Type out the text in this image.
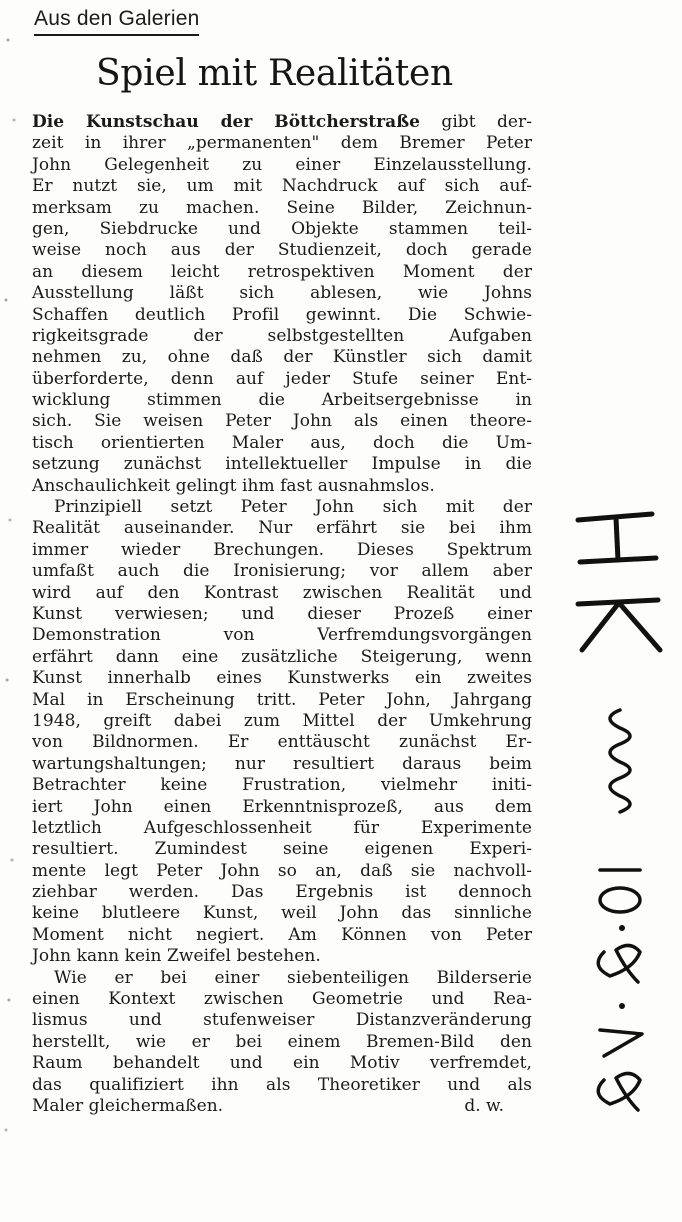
Aus den Galerien
Spiel mit Realitäten
Die Kunstschau der Böttcherstraße gibt der-
zeit in ihrer „permanenten" dem Bremer Peter
John Gelegenheit zu einer Einzelausstellung.
Er nutzt sie, um mit Nachdruck auf sich auf-
merksam zu machen. Seine Bilder, Zeichnun-
gen, Siebdrucke und Objekte stammen teil-
weise noch aus der Studienzeit, doch gerade
an diesem leicht retrospektiven Moment der
Ausstellung läßt sich ablesen, wie Johns
Schaffen deutlich Profil gewinnt. Die Schwie-
rigkeitsgrade der selbstgestellten Aufgaben
nehmen zu, ohne daß der Künstler sich damit
überforderte, denn auf jeder Stufe seiner Ent-
wicklung stimmen die Arbeitsergebnisse in
sich. Sie weisen Peter John als einen theore-
tisch orientierten Maler aus, doch die Um-
setzung zunächst intellektueller Impulse in die
Anschaulichkeit gelingt ihm fast ausnahmslos.
Prinzipiell setzt Peter John sich mit der
Realität auseinander. Nur erfährt sie bei ihm
immer wieder Brechungen. Dieses Spektrum
umfaßt auch die Ironisierung; vor allem aber
wird auf den Kontrast zwischen Realität und
Kunst verwiesen; und dieser Prozeß einer
Demonstration von Verfremdungsvorgängen
erfährt dann eine zusätzliche Steigerung, wenn
Kunst innerhalb eines Kunstwerks ein zweites
Mal in Erscheinung tritt. Peter John, Jahrgang
1948, greift dabei zum Mittel der Umkehrung
von Bildnormen. Er enttäuscht zunächst Er-
wartungshaltungen; nur resultiert daraus beim
Betrachter keine Frustration, vielmehr initi-
iert John einen Erkenntnisprozeß, aus dem
letztlich Aufgeschlossenheit für Experimente
resultiert. Zumindest seine eigenen Experi-
mente legt Peter John so an, daß sie nachvoll-
ziehbar werden. Das Ergebnis ist dennoch
keine blutleere Kunst, weil John das sinnliche
Moment nicht negiert. Am Können von Peter
John kann kein Zweifel bestehen.
Wie er bei einer siebenteiligen Bilderserie
einen Kontext zwischen Geometrie und Rea-
lismus und stufenweiser Distanzveränderung
herstellt, wie er bei einem Bremen-Bild den
Raum behandelt und ein Motiv verfremdet,
das qualifiziert ihn als Theoretiker und als
Maler gleichermaßen.	d. w.
